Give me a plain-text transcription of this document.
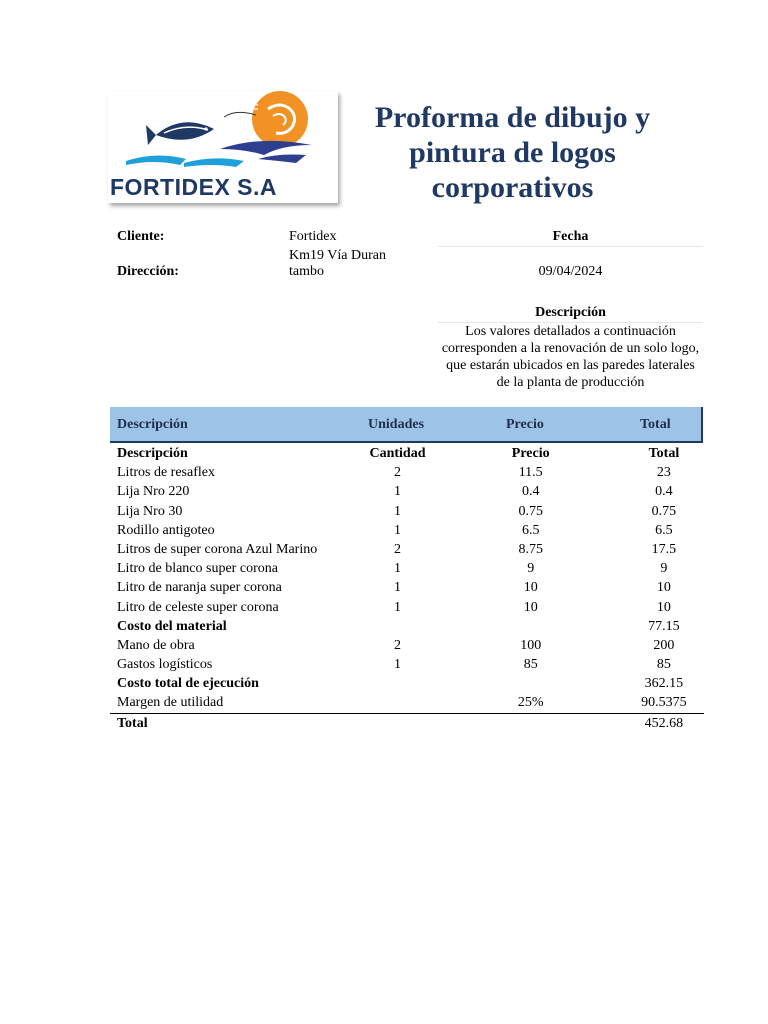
FORTIDEX S.A
Proforma de dibujo y pintura de logos corporativos
Cliente:	Fortidex
Dirección:
Km19 Vía Duran
tambo
Fecha
09/04/2024
Descripción
Los valores detallados a continuación corresponden a la renovación de un solo logo, que estarán ubicados en las paredes laterales de la planta de producción
Descripción	Unidades	Precio	Total
Descripción	Cantidad	Precio	Total
Litros de resaflex	2	11.5	23
Lija Nro 220	1	0.4	0.4
Lija Nro 30	1	0.75	0.75
Rodillo antigoteo	1	6.5	6.5
Litros de super corona Azul Marino	2	8.75	17.5
Litro de blanco super corona	1	9	9
Litro de naranja super corona	1	10	10
Litro de celeste super corona	1	10	10
Costo del material			77.15
Mano de obra	2	100	200
Gastos logísticos	1	85	85
Costo total de ejecución			362.15
Margen de utilidad		25%	90.5375
Total			452.68
